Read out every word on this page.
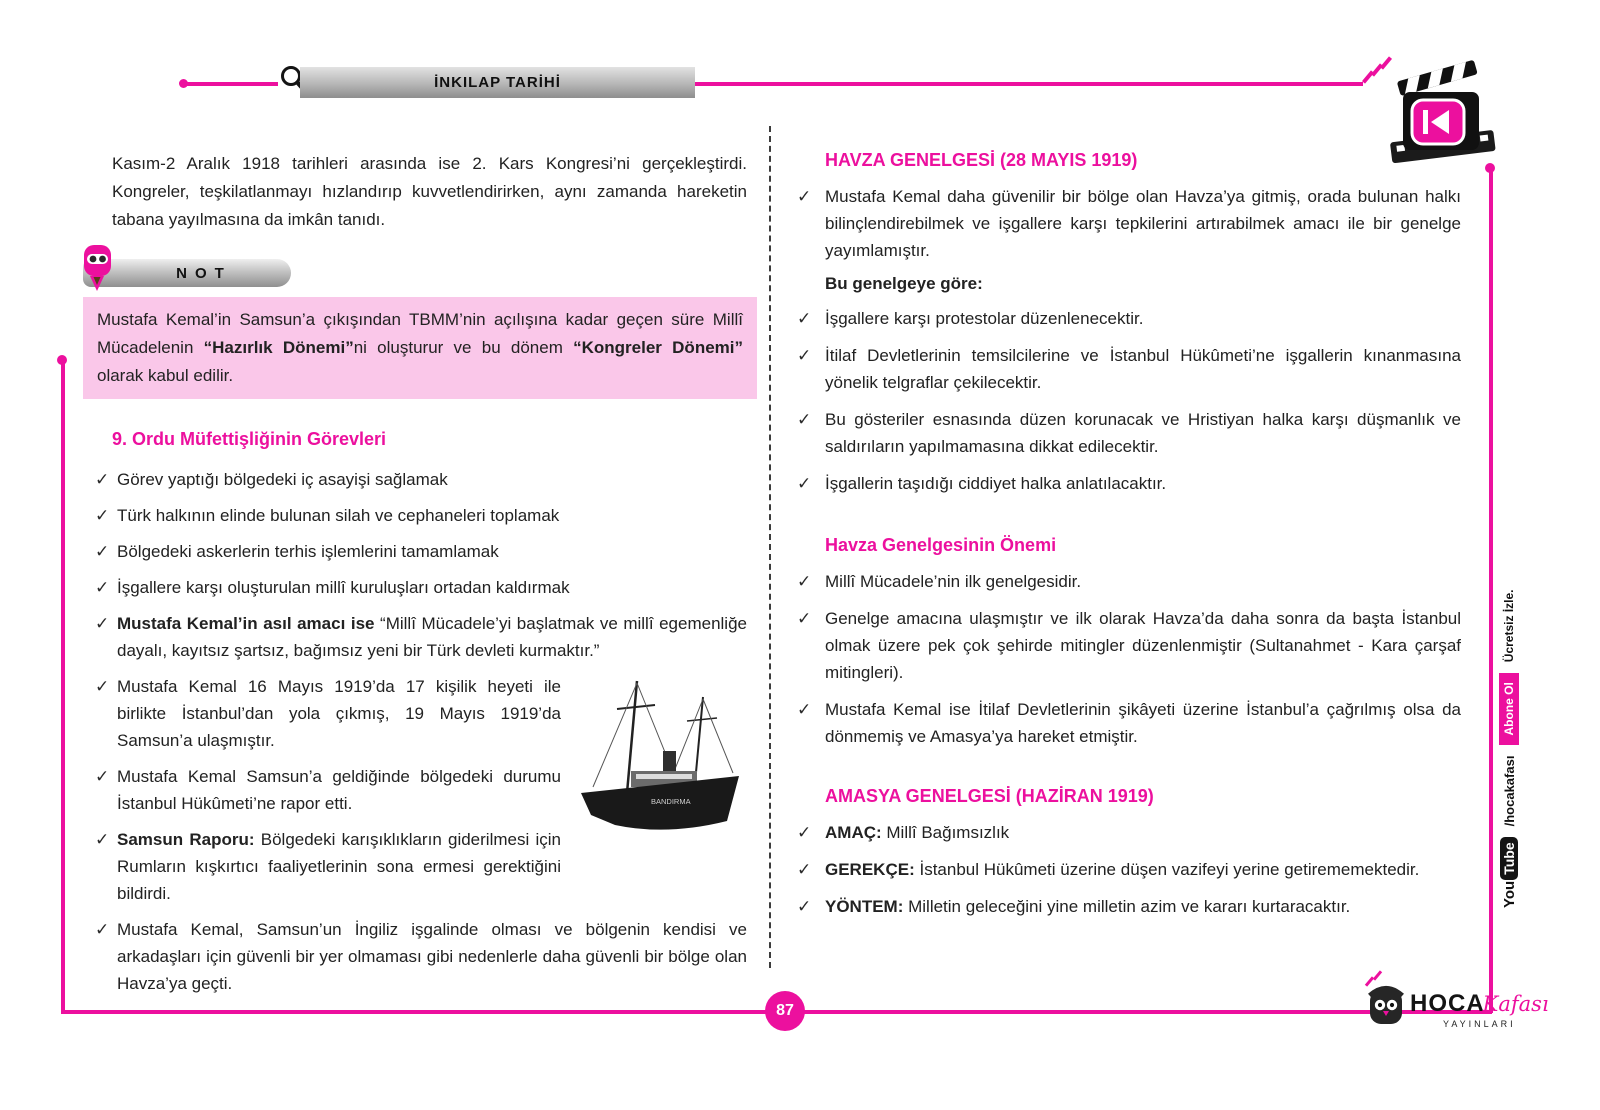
İNKILAP TARİHİ
87

Kasım-2 Aralık 1918 tarihleri arasında ise 2. Kars Kongresi’ni gerçekleştirdi. Kongreler, teşkilatlanmayı hızlandırıp kuvvetlendirirken, aynı zamanda hareketin tabana yayılmasına da imkân tanıdı.

NOT
Mustafa Kemal’in Samsun’a çıkışından TBMM’nin açılışına kadar geçen süre Millî Mücadelenin “Hazırlık Dönemi”ni oluşturur ve bu dönem “Kongreler Dönemi” olarak kabul edilir.
9. Ordu Müfettişliğinin Görevleri
✓ Görev yaptığı bölgedeki iç asayişi sağlamak
✓ Türk halkının elinde bulunan silah ve cephaneleri toplamak
✓ Bölgedeki askerlerin terhis işlemlerini tamamlamak
✓ İşgallere karşı oluşturulan millî kuruluşları ortadan kaldırmak
✓ Mustafa Kemal’in asıl amacı ise “Millî Mücadele’yi başlatmak ve millî egemenliğe dayalı, kayıtsız şartsız, bağımsız yeni bir Türk devleti kurmaktır.”
BANDIRMA
✓ Mustafa Kemal 16 Mayıs 1919’da 17 kişilik heyeti ile birlikte İstanbul’dan yola çıkmış, 19 Mayıs 1919’da Samsun’a ulaşmıştır.
✓ Mustafa Kemal Samsun’a geldiğinde bölgedeki durumu İstanbul Hükûmeti’ne rapor etti.
✓ Samsun Raporu: Bölgedeki karışıklıkların giderilmesi için Rumların kışkırtıcı faaliyetlerinin sona ermesi gerektiğini bildirdi.
✓ Mustafa Kemal, Samsun’un İngiliz işgalinde olması ve bölgenin kendisi ve arkadaşları için güvenli bir yer olmaması gibi nedenlerle daha güvenli bir bölge olan Havza’ya geçti.
HAVZA GENELGESİ (28 MAYIS 1919)
✓ Mustafa Kemal daha güvenilir bir bölge olan Havza’ya gitmiş, orada bulunan halkı bilinçlendirebilmek ve işgallere karşı tepkilerini artırabilmek amacı ile bir genelge yayımlamıştır.
Bu genelgeye göre:
✓ İşgallere karşı protestolar düzenlenecektir.
✓ İtilaf Devletlerinin temsilcilerine ve İstanbul Hükûmeti’ne işgallerin kınanmasına yönelik telgraflar çekilecektir.
✓ Bu gösteriler esnasında düzen korunacak ve Hristiyan halka karşı düşmanlık ve saldırıların yapılmamasına dikkat edilecektir.
✓ İşgallerin taşıdığı ciddiyet halka anlatılacaktır.
Havza Genelgesinin Önemi
✓ Millî Mücadele’nin ilk genelgesidir.
✓ Genelge amacına ulaşmıştır ve ilk olarak Havza’da daha sonra da başta İstanbul olmak üzere pek çok şehirde mitingler düzenlenmiştir (Sultanahmet - Kara çarşaf mitingleri).
✓ Mustafa Kemal ise İtilaf Devletlerinin şikâyeti üzerine İstanbul’a çağrılmış olsa da dönmemiş ve Amasya’ya hareket etmiştir.
AMASYA GENELGESİ (HAZİRAN 1919)
✓ AMAÇ: Millî Bağımsızlık
✓ GEREKÇE: İstanbul Hükûmeti üzerine düşen vazifeyi yerine getirememektedir.
✓ YÖNTEM: Milletin geleceğini yine milletin azim ve kararı kurtaracaktır.	You
Tube
/hocakafası
Abone Ol
Ücretsiz İzle.
HOCA
Kafası
YAYINLARI
